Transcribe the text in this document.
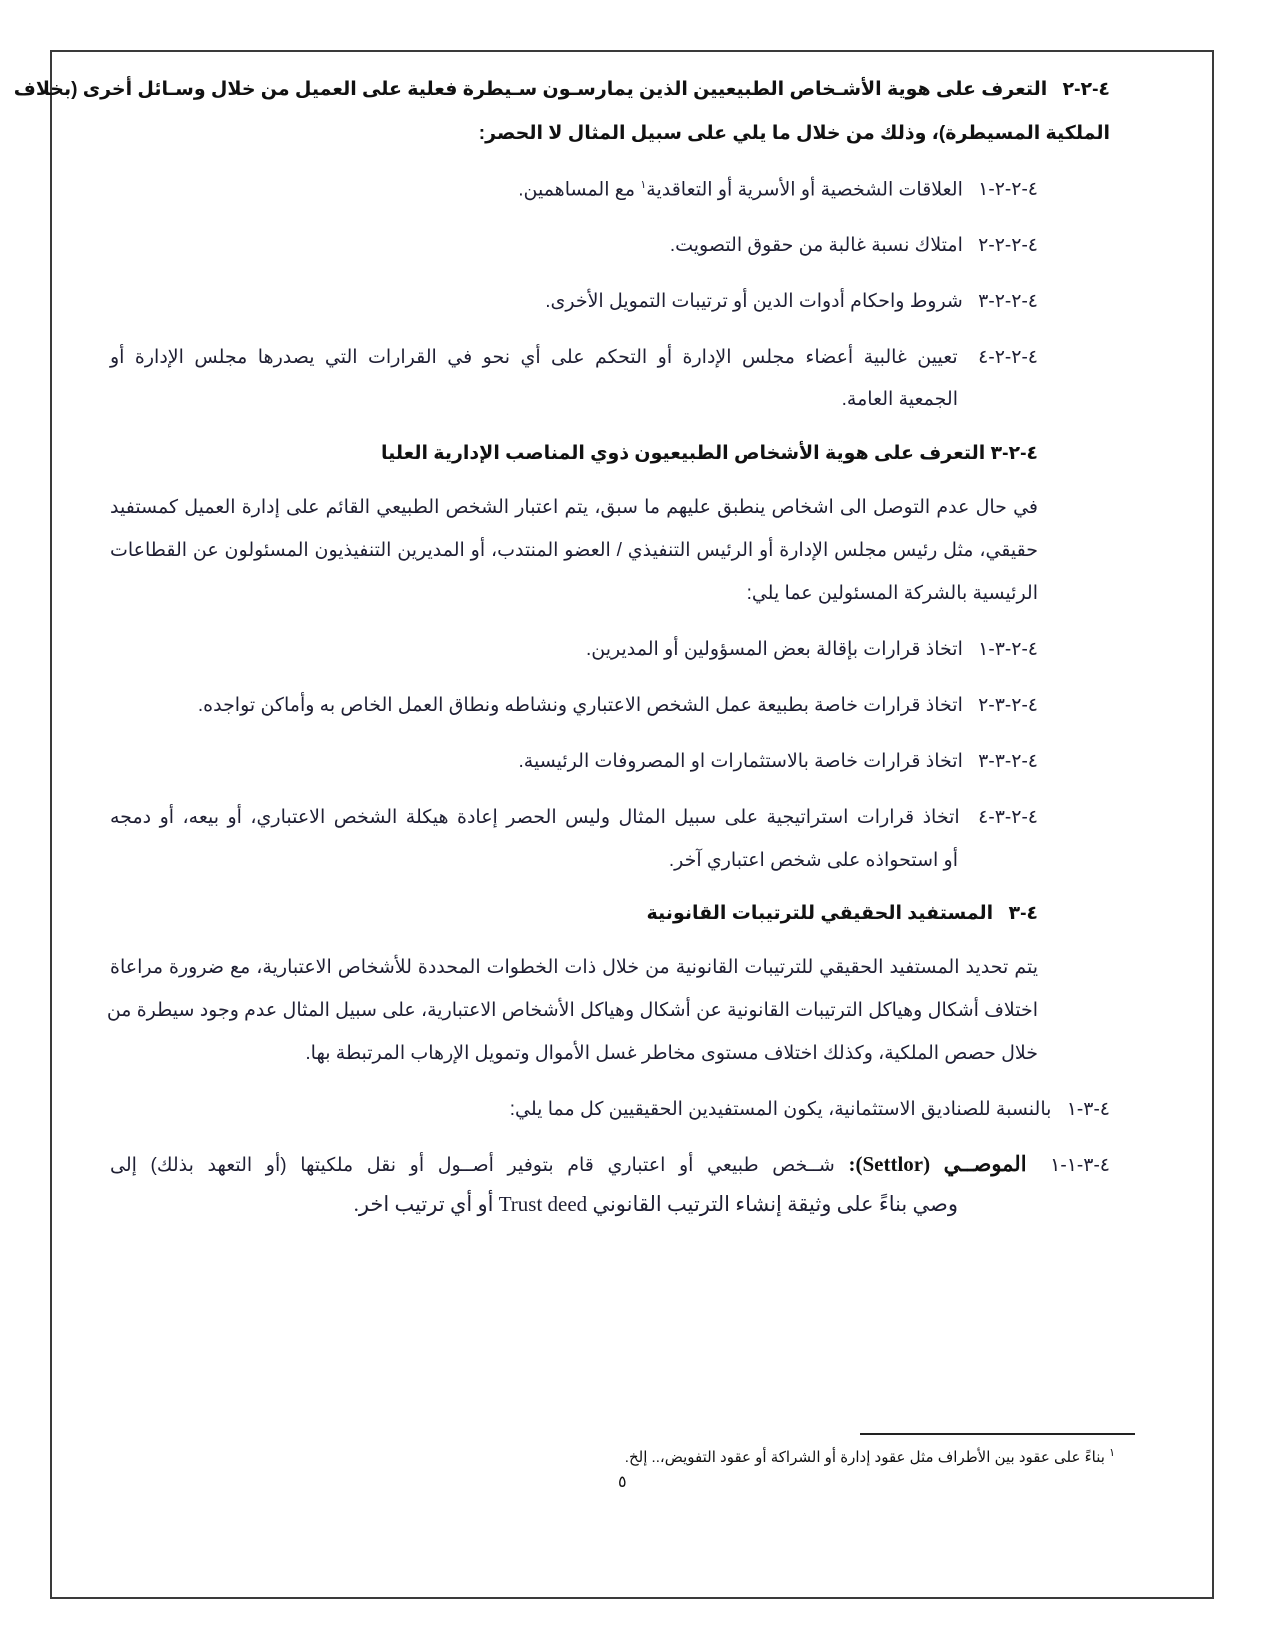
٤-٢-٢ التعرف على هوية الأشـخاص الطبيعيين الذين يمارسـون سـيطرة فعلية على العميل من خلال وسـائل أخرى (بخلاف
الملكية المسيطرة)، وذلك من خلال ما يلي على سبيل المثال لا الحصر:
٤-٢-٢-١ العلاقات الشخصية أو الأسرية أو التعاقدية$^١$ مع المساهمين.
٤-٢-٢-٢ امتلاك نسبة غالبة من حقوق التصويت.
٤-٢-٢-٣ شروط واحكام أدوات الدين أو ترتيبات التمويل الأخرى.
٤-٢-٢-٤ تعيين غالبية أعضاء مجلس الإدارة أو التحكم على أي نحو في القرارات التي يصدرها مجلس الإدارة أو
الجمعية العامة.
٤-٢-٣ التعرف على هوية الأشخاص الطبيعيون ذوي المناصب الإدارية العليا
في حال عدم التوصل الى اشخاص ينطبق عليهم ما سبق، يتم اعتبار الشخص الطبيعي القائم على إدارة العميل كمستفيد
حقيقي، مثل رئيس مجلس الإدارة أو الرئيس التنفيذي / العضو المنتدب، أو المديرين التنفيذيون المسئولون عن القطاعات
الرئيسية بالشركة المسئولين عما يلي:
٤-٢-٣-١ اتخاذ قرارات بإقالة بعض المسؤولين أو المديرين.
٤-٢-٣-٢ اتخاذ قرارات خاصة بطبيعة عمل الشخص الاعتباري ونشاطه ونطاق العمل الخاص به وأماكن تواجده.
٤-٢-٣-٣ اتخاذ قرارات خاصة بالاستثمارات او المصروفات الرئيسية.
٤-٢-٣-٤ اتخاذ قرارات استراتيجية على سبيل المثال وليس الحصر إعادة هيكلة الشخص الاعتباري، أو بيعه، أو دمجه
أو استحواذه على شخص اعتباري آخر.
٤-٣ المستفيد الحقيقي للترتيبات القانونية
يتم تحديد المستفيد الحقيقي للترتيبات القانونية من خلال ذات الخطوات المحددة للأشخاص الاعتبارية، مع ضرورة مراعاة
اختلاف أشكال وهياكل الترتيبات القانونية عن أشكال وهياكل الأشخاص الاعتبارية، على سبيل المثال عدم وجود سيطرة من
خلال حصص الملكية، وكذلك اختلاف مستوى مخاطر غسل الأموال وتمويل الإرهاب المرتبطة بها.
٤-٣-١ بالنسبة للصناديق الاستثمانية، يكون المستفيدين الحقيقيين كل مما يلي:
٤-٣-١-١ الموصــي (Settlor): شــخص طبيعي أو اعتباري قام بتوفير أصــول أو نقل ملكيتها (أو التعهد بذلك) إلى
وصي بناءً على وثيقة إنشاء الترتيب القانوني Trust deed أو أي ترتيب اخر.
$^١$ بناءً على عقود بين الأطراف مثل عقود إدارة أو الشراكة أو عقود التفويض،.. إلخ.
٥
